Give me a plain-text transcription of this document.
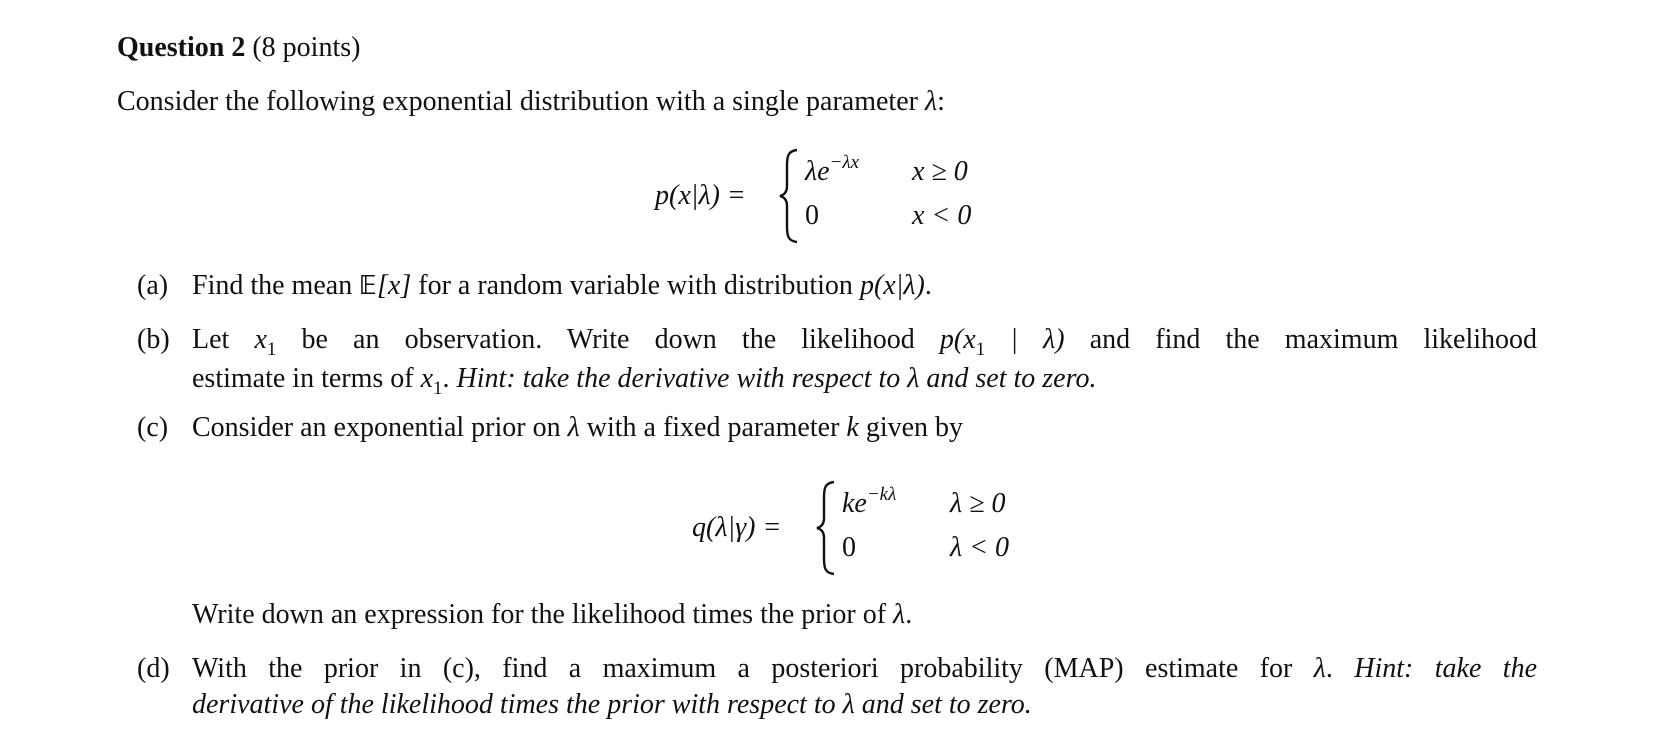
Question 2 (8 points)
Consider the following exponential distribution with a single parameter λ:
p(x|λ) =
$\lambda e^{-\lambda x}$ x ≥ 0
0	x < 0
(a) Find the mean 𝔼[x] for a random variable with distribution p(x|λ).
(b) Let $x_1$ be an observation. Write down the likelihood $p(x_1$ | λ) and find the maximum likelihood
estimate in terms of $x_1$. Hint: take the derivative with respect to λ and set to zero.
(c) Consider an exponential prior on λ with a fixed parameter k given by
q(λ|γ) =
$ke^{-k\lambda}$ λ ≥ 0
0	λ < 0
Write down an expression for the likelihood times the prior of λ.
(d) With the prior in (c), find a maximum a posteriori probability (MAP) estimate for λ. Hint: take the
derivative of the likelihood times the prior with respect to λ and set to zero.
